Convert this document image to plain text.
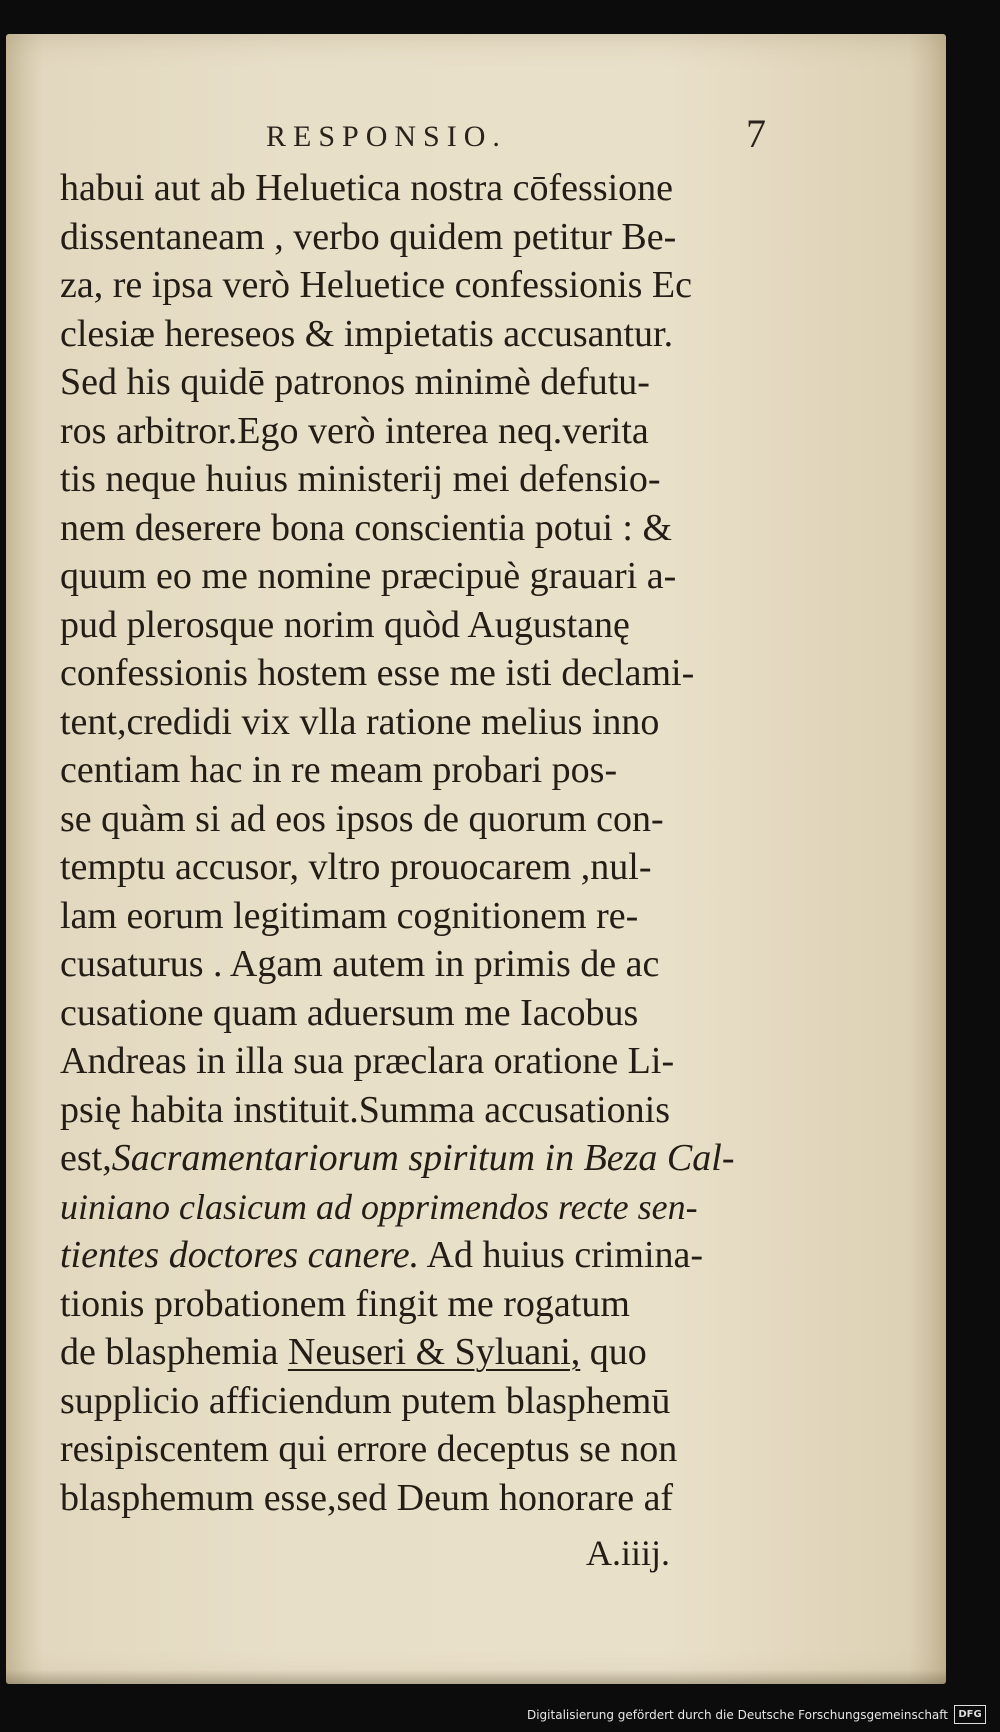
RESPONSIO.	7
habui aut ab Heluetica nostra cōfessione
dissentaneam , verbo quidem petitur Be-
za, re ipsa verò Heluetice confessionis Ec
clesiæ hereseos & impietatis accusantur.
Sed his quidē patronos minimè defutu-
ros arbitror.Ego verò interea neq.verita
tis neque huius ministerij mei defensio-
nem deserere bona conscientia potui : &
quum eo me nomine præcipuè grauari a-
pud plerosque norim quòd Augustanę
confessionis hostem esse me isti declami-
tent,credidi vix vlla ratione melius inno
centiam hac in re meam probari pos-
se quàm si ad eos ipsos de quorum con-
temptu accusor, vltro prouocarem ,nul-
lam eorum legitimam cognitionem re-
cusaturus . Agam autem in primis de ac
cusatione quam aduersum me Iacobus
Andreas in illa sua præclara oratione Li-
psię habita instituit.Summa accusationis
est,Sacramentariorum spiritum in Beza Cal-
uiniano clasicum ad opprimendos recte sen-
tientes doctores canere. Ad huius crimina-
tionis probationem fingit me rogatum
de blasphemia Neuseri & Syluani, quo
supplicio afficiendum putem blasphemū
resipiscentem qui errore deceptus se non
blasphemum esse,sed Deum honorare af
A.iiij.
Digitalisierung gefördert durch die Deutsche Forschungsgemeinschaft	DFG
